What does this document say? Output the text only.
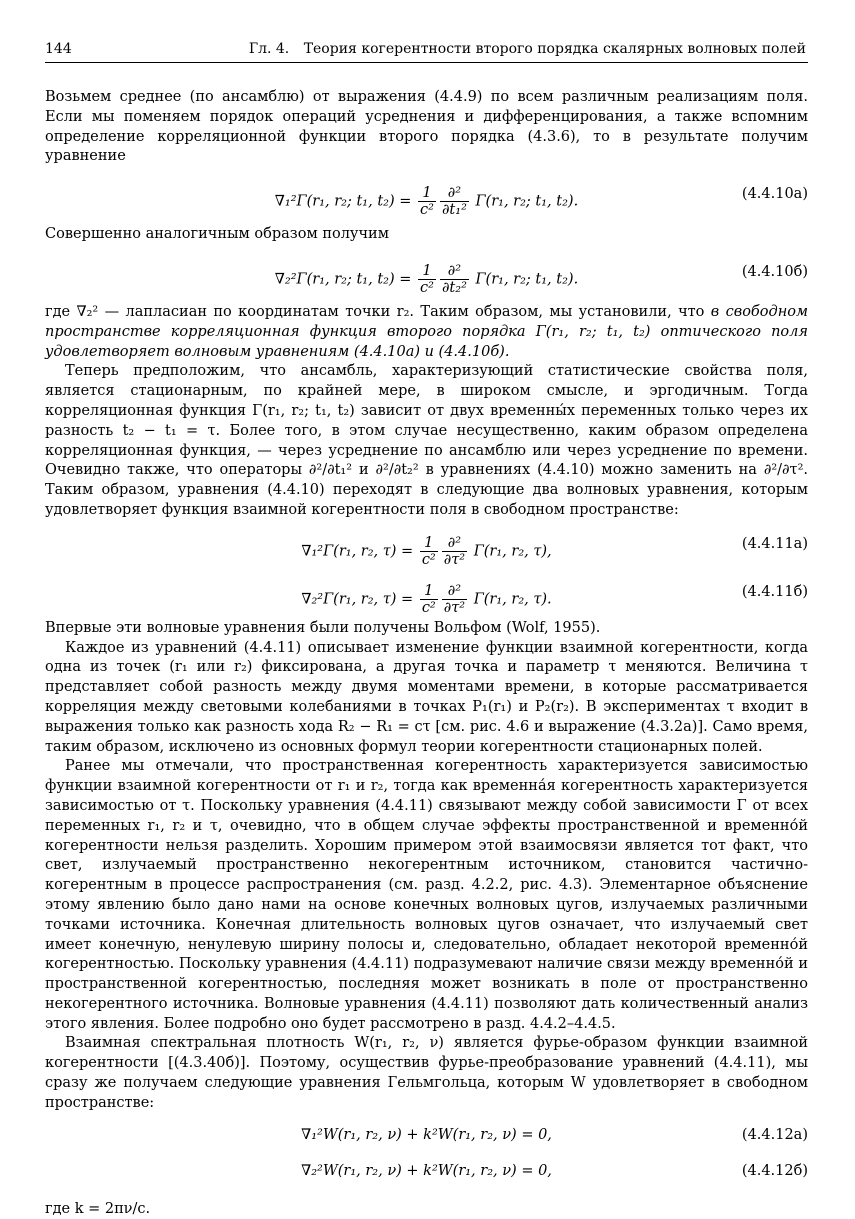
144	Гл. 4. Теория когерентности второго порядка скалярных волновых полей

Возьмем среднее (по ансамблю) от выражения (4.4.9) по всем различным реализациям поля. Если мы поменяем порядок операций усреднения и дифференцирования, а также вспомним определение корреляционной функции второго порядка (4.3.6), то в результате получим уравнение

∇₁²Γ(r₁, r₂; t₁, $t_2) = \frac{1}{\text{c²}} \frac{\text{∂²}}{\text{∂t₁²}} \Gamma(r_1$, r₂; t₁, t₂).	(4.4.10а)

Совершенно аналогичным образом получим

∇₂²Γ(r₁, r₂; t₁, $t_2) = \frac{1}{\text{c²}} \frac{\text{∂²}}{\text{∂t₂²}} \Gamma(r_1$, r₂; t₁, t₂).	(4.4.10б)

где ∇₂² — лапласиан по координатам точки r₂. Таким образом, мы установили, что в свободном пространстве корреляционная функция второго порядка Γ(r₁, r₂; t₁, t₂) оптического поля удовлетворяет волновым уравнениям (4.4.10а) и (4.4.10б).

Теперь предположим, что ансамбль, характеризующий статистические свойства поля, является стационарным, по крайней мере, в широком смысле, и эргодичным. Тогда корреляционная функция Γ(r₁, r₂; t₁, t₂) зависит от двух временны́х переменных только через их разность t₂ − t₁ = τ. Более того, в этом случае несущественно, каким образом определена корреляционная функция, — через усреднение по ансамблю или через усреднение по времени. Очевидно также, что операторы ∂²/∂t₁² и ∂²/∂t₂² в уравнениях (4.4.10) можно заменить на ∂²/∂τ². Таким образом, уравнения (4.4.10) переходят в следующие два волновых уравнения, которым удовлетворяет функция взаимной когерентности поля в свободном пространстве:

∇₁²Γ(r₁, r₂, $\tau) = \frac{1}{\text{c²}} \frac{\text{∂²}}{\text{∂τ²}} \Gamma(r_1$, r₂, τ),	(4.4.11а)
∇₂²Γ(r₁, r₂, $\tau) = \frac{1}{\text{c²}} \frac{\text{∂²}}{\text{∂τ²}} \Gamma(r_1$, r₂, τ).	(4.4.11б)

Впервые эти волновые уравнения были получены Вольфом (Wolf, 1955).

Каждое из уравнений (4.4.11) описывает изменение функции взаимной когерентности, когда одна из точек (r₁ или r₂) фиксирована, а другая точка и параметр τ меняются. Величина τ представляет собой разность между двумя моментами времени, в которые рассматривается корреляция между световыми колебаниями в точках P₁(r₁) и P₂(r₂). В экспериментах τ входит в выражения только как разность хода R₂ − R₁ = cτ [см. рис. 4.6 и выражение (4.3.2а)]. Само время, таким образом, исключено из основных формул теории когерентности стационарных полей.

Ранее мы отмечали, что пространственная когерентность характеризуется зависимостью функции взаимной когерентности от r₁ и r₂, тогда как временна́я когерентность характеризуется зависимостью от τ. Поскольку уравнения (4.4.11) связывают между собой зависимости Γ от всех переменных r₁, r₂ и τ, очевидно, что в общем случае эффекты пространственной и временно́й когерентности нельзя разделить. Хорошим примером этой взаимосвязи является тот факт, что свет, излучаемый пространственно некогерентным источником, становится частично-когерентным в процессе распространения (см. разд. 4.2.2, рис. 4.3). Элементарное объяснение этому явлению было дано нами на основе конечных волновых цугов, излучаемых различными точками источника. Конечная длительность волновых цугов означает, что излучаемый свет имеет конечную, ненулевую ширину полосы и, следовательно, обладает некоторой временно́й когерентностью. Поскольку уравнения (4.4.11) подразумевают наличие связи между временно́й и пространственной когерентностью, последняя может возникать в поле от пространственно некогерентного источника. Волновые уравнения (4.4.11) позволяют дать количественный анализ этого явления. Более подробно оно будет рассмотрено в разд. 4.4.2–4.4.5.

Взаимная спектральная плотность W(r₁, r₂, ν) является фурье-образом функции взаимной когерентности [(4.3.40б)]. Поэтому, осуществив фурье-преобразование уравнений (4.4.11), мы сразу же получаем следующие уравнения Гельмгольца, которым W удовлетворяет в свободном пространстве:

∇₁²W(r₁, r₂, ν) + k²W(r₁, r₂, ν) = 0,	(4.4.12а)
∇₂²W(r₁, r₂, ν) + k²W(r₁, r₂, ν) = 0,	(4.4.12б)

где k = 2πν/c.
